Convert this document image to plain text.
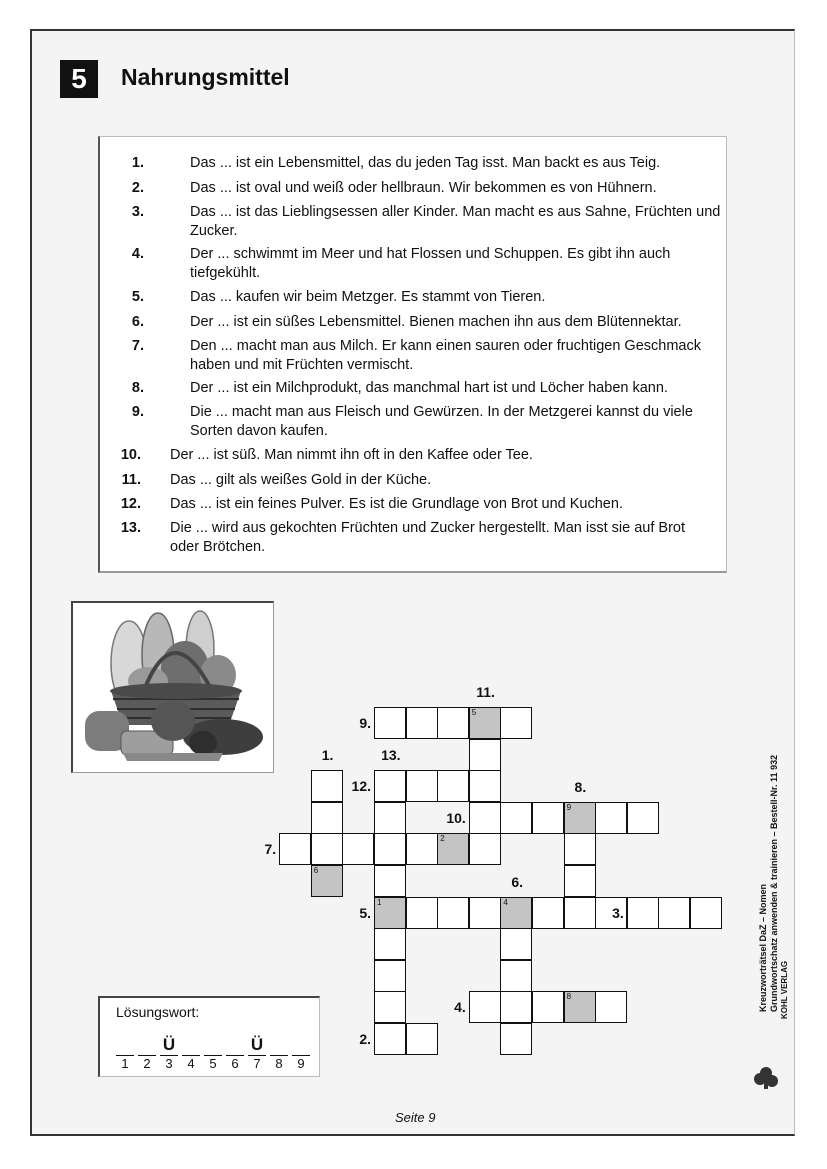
5	Nahrungsmittel
1.	Das ... ist ein Lebensmittel, das du jeden Tag isst. Man backt es aus Teig.
2.	Das ... ist oval und weiß oder hellbraun. Wir bekommen es von Hühnern.
3.	Das ... ist das Lieblingsessen aller Kinder. Man macht es aus Sahne, Früchten und Zucker.
4.	Der ... schwimmt im Meer und hat Flossen und Schuppen. Es gibt ihn auch tiefgekühlt.
5.	Das ... kaufen wir beim Metzger. Es stammt von Tieren.
6.	Der ... ist ein süßes Lebensmittel. Bienen machen ihn aus dem Blütennektar.
7.	Den ... macht man aus Milch. Er kann einen sauren oder fruchtigen Geschmack haben und mit Früchten vermischt.
8.	Der ... ist ein Milchprodukt, das manchmal hart ist und Löcher haben kann.
9.	Die ... macht man aus Fleisch und Gewürzen. In der Metzgerei kannst du viele Sorten davon kaufen.
10. Der ... ist süß. Man nimmt ihn oft in den Kaffee oder Tee.
11. Das ... gilt als weißes Gold in der Küche.
12. Das ... ist ein feines Pulver. Es ist die Grundlage von Brot und Kuchen.
13. Die ... wird aus gekochten Früchten und Zucker hergestellt. Man isst sie auf Brot oder Brötchen.
5
9
2
1	4
8
6
9.
12.
10.
7.
5.	3.
4.
2.
11.
1.	13.
8.
6.
Lösungswort:
1	2
Ü
3	4	5	6
Ü
7	8	9
Kreuzworträtsel DaZ – Nomen Grundwortschatz anwenden & trainieren – Bestell-Nr. 11 932 KOHL VERLAG
Seite 9
